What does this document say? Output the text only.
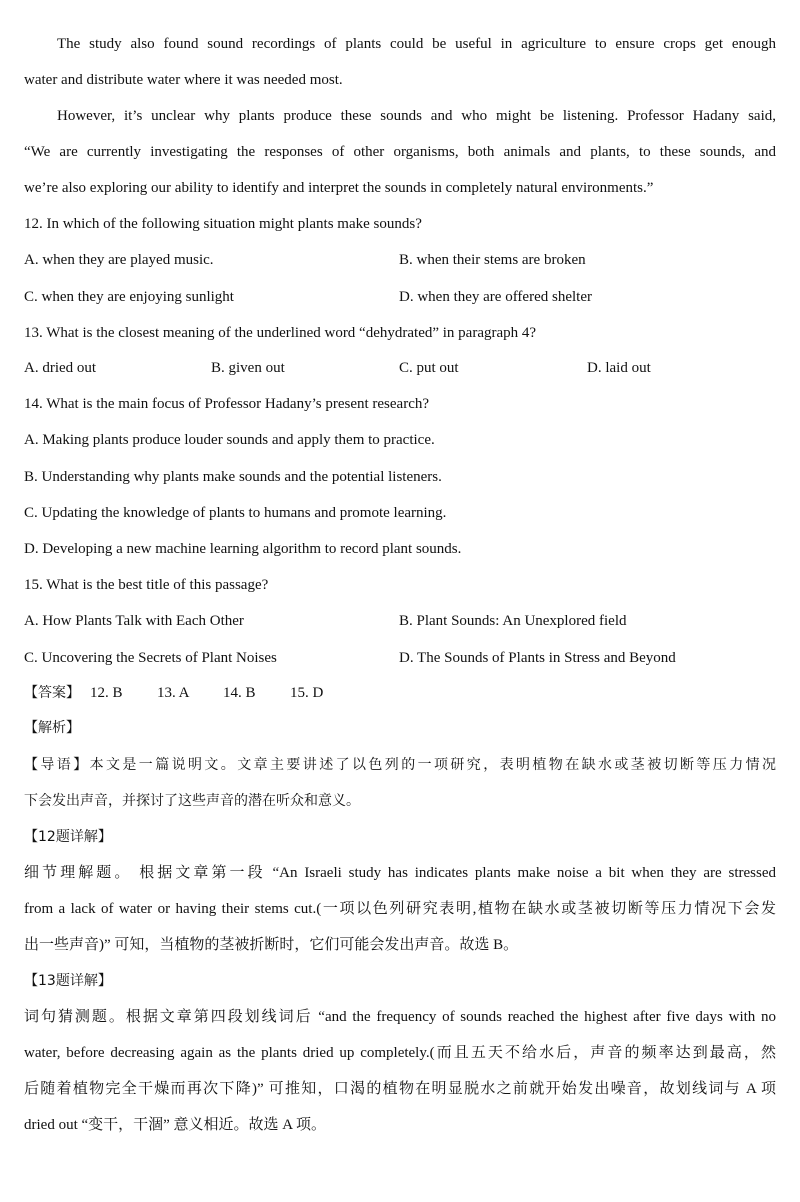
The study also found sound recordings of plants could be useful in agriculture to ensure crops get enough
water and distribute water where it was needed most.
However, it’s unclear why plants produce these sounds and who might be listening. Professor Hadany said,
“We are currently investigating the responses of other organisms, both animals and plants, to these sounds, and
we’re also exploring our ability to identify and interpret the sounds in completely natural environments.”
12. In which of the following situation might plants make sounds?
A. when they are played music.	B. when their stems are broken
C. when they are enjoying sunlight	D. when they are offered shelter
13. What is the closest meaning of the underlined word “dehydrated” in paragraph 4?
A. dried out	B. given out	C. put out	D. laid out
14. What is the main focus of Professor Hadany’s present research?
A. Making plants produce louder sounds and apply them to practice.
B. Understanding why plants make sounds and the potential listeners.
C. Updating the knowledge of plants to humans and promote learning.
D. Developing a new machine learning algorithm to record plant sounds.
15. What is the best title of this passage?
A. How Plants Talk with Each Other	B. Plant Sounds: An Unexplored field
C. Uncovering the Secrets of Plant Noises	D. The Sounds of Plants in Stress and Beyond
【答案】 12. B 13. A 14. B 15. D
【解析】
【导语】本文是一篇说明文。文章主要讲述了以色列的一项研究，表明植物在缺水或茎被切断等压力情况
下会发出声音，并探讨了这些声音的潜在听众和意义。
【12题详解】
细节理解题。 根据文章第一段 “An Israeli study has indicates plants make noise a bit when they are stressed
from a lack of water or having their stems cut.(一项以色列研究表明,植物在缺水或茎被切断等压力情况下会发
出一些声音)” 可知，当植物的茎被折断时，它们可能会发出声音。故选 B。
【13题详解】
词句猜测题。根据文章第四段划线词后 “and the frequency of sounds reached the highest after five days with no
water, before decreasing again as the plants dried up completely.(而且五天不给水后，声音的频率达到最高，然
后随着植物完全干燥而再次下降)” 可推知，口渴的植物在明显脱水之前就开始发出噪音，故划线词与 A 项
dried out “变干，干涸” 意义相近。故选 A 项。
